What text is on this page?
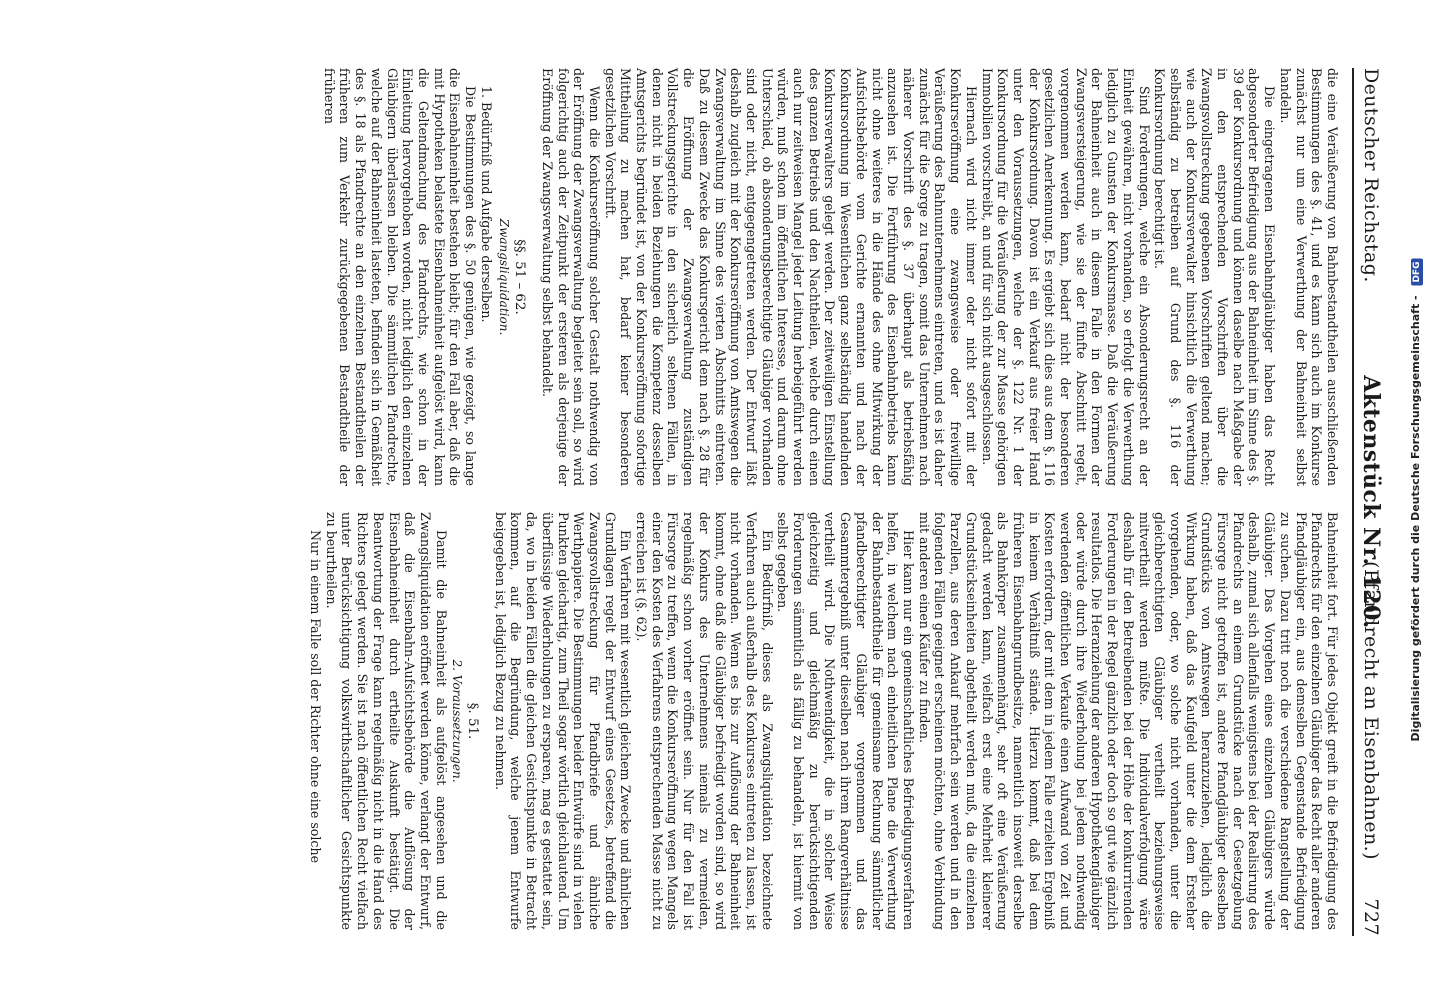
Deutscher Reichstag.
Aktenstück Nr. 120.
(Pfandrecht an Eisenbahnen.)      727

die eine Veräußerung von Bahnbestandtheilen ausschließenden Bestimmungen des §. 41, und es kann sich auch im Konkurse zunächst nur um eine Verwerthung der Bahneinheit selbst handeln.

Die eingetragenen Eisenbahngläubiger haben das Recht abgesonderter Befriedigung aus der Bahneinheit im Sinne des §. 39 der Konkursordnung und können daselbe nach Maßgabe der in den entsprechenden Vorschriften über die Zwangsvollstreckung gegebenen Vorschriften geltend machen; wie auch der Konkursverwalter hinsichtlich die Verwerthung selbständig zu betreiben auf Grund des §. 116 der Konkursordnung berechtigt ist.

Sind Forderungen, welche ein Absonderungsrecht an der Einheit gewähren, nicht vorhanden, so erfolgt die Verwerthung lediglich zu Gunsten der Konkursmasse. Daß die Veräußerung der Bahneinheit auch in diesem Falle in den Formen der Zwangsversteigerung, wie sie der fünfte Abschnitt regelt, vorgenommen werden kann, bedarf nicht der besonderen gesetzlichen Anerkennung. Es ergiebt sich dies aus dem §. 116 der Konkursordnung. Davon ist ein Verkauf aus freier Hand unter den Voraussetzungen, welche der §. 122 Nr. 1 der Konkursordnung für die Veräußerung der zur Masse gehörigen Immobilien vorschreibt, an und für sich nicht ausgeschlossen.

Hiernach wird nicht immer oder nicht sofort mit der Konkurseröffnung eine zwangsweise oder freiwillige Veräußerung des Bahnunternehmens eintreten, und es ist daher zunächst für die Sorge zu tragen, somit das Unternehmen nach näherer Vorschrift des §. 37 überhaupt als betriebsfähig anzusehen ist. Die Fortführung des Eisenbahnbetriebs kann nicht ohne weiteres in die Hände des ohne Mitwirkung der Aufsichtsbehörde vom Gerichte ernannten und nach der Konkursordnung im Wesentlichen ganz selbständig handelnden Konkursverwalters gelegt werden. Der zeitweiligen Einstellung des ganzen Betriebs und den Nachtheilen, welche durch einen auch nur zeitweisen Mangel jeder Leitung herbeigeführt werden würden, muß schon im öffentlichen Interesse, und darum ohne Unterschied, ob absonderungsberechtigte Gläubiger vorhanden sind oder nicht, entgegengetreten werden. Der Entwurf läßt deshalb zugleich mit der Konkurseröffnung von Amtswegen die Zwangsverwaltung im Sinne des vierten Abschnitts eintreten. Daß zu diesem Zwecke das Konkursgericht dem nach §. 28 für die Eröffnung der Zwangsverwaltung zuständigen Vollstreckungsgerichte in den sicherlich seltenen Fällen, in denen nicht in beiden Beziehungen die Kompetenz desselben Amtsgerichts begründet ist, von der Konkurseröffnung sofortige Mittheilung zu machen hat, bedarf keiner besonderen gesetzlichen Vorschrift.

Wenn die Konkurseröffnung solcher Gestalt nothwendig von der Eröffnung der Zwangsverwaltung begleitet sein soll, so wird folgerichtig auch der Zeitpunkt der ersteren als derjenige der Eröffnung der Zwangsverwaltung selbst behandelt.

§§. 51 – 62.

Zwangsliquidation.

1. Bedürfniß und Aufgabe derselben.

Die Bestimmungen des §. 50 genügen, wie gezeigt, so lange die Eisenbahneinheit bestehen bleibt; für den Fall aber, daß die mit Hypotheken belastete Eisenbahneinheit aufgelöst wird, kann die Geltendmachung des Pfandrechts, wie schon in der Einleitung hervorgehoben worden, nicht lediglich den einzelnen Gläubigern überlassen bleiben. Die sämmtlichen Pfandrechte, welche auf der Bahneinheit lasteten, befinden sich in Gemäßheit des §. 18 als Pfandrechte an den einzelnen Bestandtheilen der früheren zum Verkehr zurückgegebenen Bestandtheile der früheren

Bahneinheit fort. Für jedes Objekt greift in die Befriedigung des Pfandrechts für den einzelnen Gläubiger das Recht aller anderen Pfandgläubiger ein, aus demselben Gegenstande Befriedigung zu suchen. Dazu tritt noch die verschiedene Rangstellung der Gläubiger. Das Vorgehen eines einzelnen Gläubigers würde deshalb, zumal sich allenfalls wenigstens bei der Realisirung des Pfandrechts an einem Grundstücke nach der Gesetzgebung Fürsorge nicht getroffen ist, andere Pfandgläubiger desselben Grundstücks von Amtswegen heranzuziehen, lediglich die Wirkung haben, daß das Kaufgeld unter die dem Ersteher vorgehenden, oder, wo solche nicht vorhanden, unter die gleichberechtigten Gläubiger vertheilt beziehungsweise mitvertheilt werden müßte. Die Individualverfolgung wäre deshalb für den Betreibenden bei der Höhe der konkurrirenden Forderungen in der Regel gänzlich oder doch so gut wie gänzlich resultatlos. Die Heranziehung der anderen Hypothekengläubiger oder würde durch ihre Wiederholung bei jedem nothwendig werdenden öffentlichen Verkaufe einen Aufwand von Zeit und Kosten erfordern, der mit dem in jedem Falle erzielten Ergebniß in keinem Verhältniß stände. Hierzu kommt, daß bei dem früheren Eisenbahngrundbesitze, namentlich insoweit derselbe als Bahnkörper zusammenhängt, sehr oft eine Veräußerung gedacht werden kann, vielfach erst eine Mehrheit kleinerer Grundstückseinheiten abgetheilt werden muß, da die einzelnen Parzellen, aus deren Ankauf mehrfach sein werden und in den folgenden Fällen geeignet erscheinen möchten, ohne Verbindung mit anderen einen Käufer zu finden.

Hier kann nur ein gemeinschaftliches Befriedigungsverfahren helfen, in welchem nach einheitlichen Plane die Verwerthung der Bahnbestandtheile für gemeinsame Rechnung sämmtlicher pfandberechtigter Gläubiger vorgenommen und das Gesammtergebniß unter dieselben nach ihrem Rangverhältnisse vertheilt wird. Die Nothwendigkeit, die in solcher Weise gleichzeitig und gleichmäßig zu berücksichtigenden Forderungen sämmtlich als fällig zu behandeln, ist hiermit von selbst gegeben.

Ein Bedürfniß, dieses als Zwangsliquidation bezeichnete Verfahren auch außerhalb des Konkurses eintreten zu lassen, ist nicht vorhanden. Wenn es bis zur Auflösung der Bahneinheit kommt, ohne daß die Gläubiger befriedigt worden sind, so wird der Konkurs des Unternehmens niemals zu vermeiden, regelmäßig schon vorher eröffnet sein. Nur für den Fall ist Fürsorge zu treffen, wenn die Konkurseröffnung wegen Mangels einer den Kosten des Verfahrens entsprechenden Masse nicht zu erreichen ist (§. 62).

Ein Verfahren mit wesentlich gleichem Zwecke und ähnlichen Grundlagen regelt der Entwurf eines Gesetzes, betreffend die Zwangsvollstreckung für Pfandbriefe und ähnliche Werthpapiere. Die Bestimmungen beider Entwürfe sind in vielen Punkten gleichartig, zum Theil sogar wörtlich gleichlautend. Um überflüssige Wiederholungen zu ersparen, mag es gestattet sein, da, wo in beiden Fällen die gleichen Gesichtspunkte in Betracht kommen, auf die Begründung, welche jenem Entwurfe beigegeben ist, lediglich Bezug zu nehmen.

§. 51.

2. Voraussetzungen.

Damit die Bahneinheit als aufgelöst angesehen und die Zwangsliquidation eröffnet werden könne, verlangt der Entwurf, daß die Eisenbahn-Aufsichtsbehörde die Auflösung der Eisenbahneinheit durch ertheilte Auskunft bestätigt. Die Beantwortung der Frage kann regelmäßig nicht in die Hand des Richters gelegt werden. Sie ist nach öffentlichen Recht vielfach unter Berücksichtigung volkswirthschaftlicher Gesichtspunkte zu beurtheilen.

Nur in einem Falle soll der Richter ohne eine solche	Digitalisierung gefördert durch die Deutsche Forschungsgemeinschaft - DFG
